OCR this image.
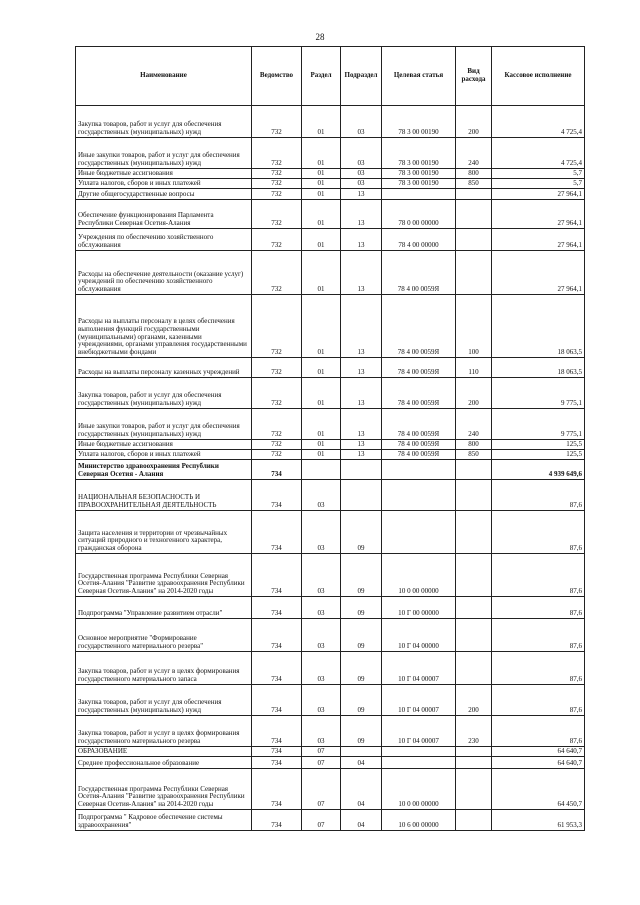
28
Наименование	Ведомство	Раздел	Подраздел	Целевая статья	Вид расхода	Кассовое исполнение
Закупка товаров, работ и услуг для обеспечения государственных (муниципальных) нужд	732	01	03	78 3 00 00190	200	4 725,4
Иные закупки товаров, работ и услуг для обеспечения государственных (муниципальных) нужд	732	01	03	78 3 00 00190	240	4 725,4
Иные бюджетные ассигнования	732	01	03	78 3 00 00190	800	5,7
Уплата налогов, сборов и иных платежей	732	01	03	78 3 00 00190	850	5,7
Другие общегосударственные вопросы	732	01	13			27 964,1
Обеспечение функционирования Парламента Республики Северная Осетия-Алания	732	01	13	78 0 00 00000		27 964,1
Учреждения по обеспечению хозяйственного обслуживания	732	01	13	78 4 00 00000		27 964,1
Расходы на обеспечение деятельности (оказание услуг) учреждений по обеспечению хозяйственного обслуживания	732	01	13	78 4 00 0059Я		27 964,1
Расходы на выплаты персоналу в целях обеспечения выполнения функций государственными (муниципальными) органами, казенными учреждениями, органами управления государственными внебюджетными фондами	732	01	13	78 4 00 0059Я	100	18 063,5
Расходы на выплаты персоналу казенных учреждений	732	01	13	78 4 00 0059Я	110	18 063,5
Закупка товаров, работ и услуг для обеспечения государственных (муниципальных) нужд	732	01	13	78 4 00 0059Я	200	9 775,1
Иные закупки товаров, работ и услуг для обеспечения государственных (муниципальных) нужд	732	01	13	78 4 00 0059Я	240	9 775,1
Иные бюджетные ассигнования	732	01	13	78 4 00 0059Я	800	125,5
Уплата налогов, сборов и иных платежей	732	01	13	78 4 00 0059Я	850	125,5
Министерство здравоохранения Республики Северная Осетия - Алания	734					4 939 649,6
НАЦИОНАЛЬНАЯ БЕЗОПАСНОСТЬ И ПРАВООХРАНИТЕЛЬНАЯ ДЕЯТЕЛЬНОСТЬ	734	03				87,6
Защита населения и территории от чрезвычайных ситуаций природного и техногенного характера, гражданская оборона	734	03	09			87,6
Государственная программа Республики Северная Осетия-Алания "Развитие здравоохранения Республики Северная Осетия-Алания" на 2014-2020 годы	734	03	09	10 0 00 00000		87,6
Подпрограмма "Управление развитием отрасли"	734	03	09	10 Г 00 00000		87,6
Основное мероприятие "Формирование государственного материального резерва"	734	03	09	10 Г 04 00000		87,6
Закупка товаров, работ и услуг в целях формирования государственного материального запаса	734	03	09	10 Г 04 00007		87,6
Закупка товаров, работ и услуг для обеспечения государственных (муниципальных) нужд	734	03	09	10 Г 04 00007	200	87,6
Закупка товаров, работ и услуг в целях формирования государственного материального резерва	734	03	09	10 Г 04 00007	230	87,6
ОБРАЗОВАНИЕ	734	07				64 640,7
Среднее профессиональное образование	734	07	04			64 640,7
Государственная программа Республики Северная Осетия-Алания "Развитие здравоохранения Республики Северная Осетия-Алания" на 2014-2020 годы	734	07	04	10 0 00 00000		64 450,7
Подпрограмма " Кадровое обеспечение системы здравоохранения"	734	07	04	10 6 00 00000		61 953,3
